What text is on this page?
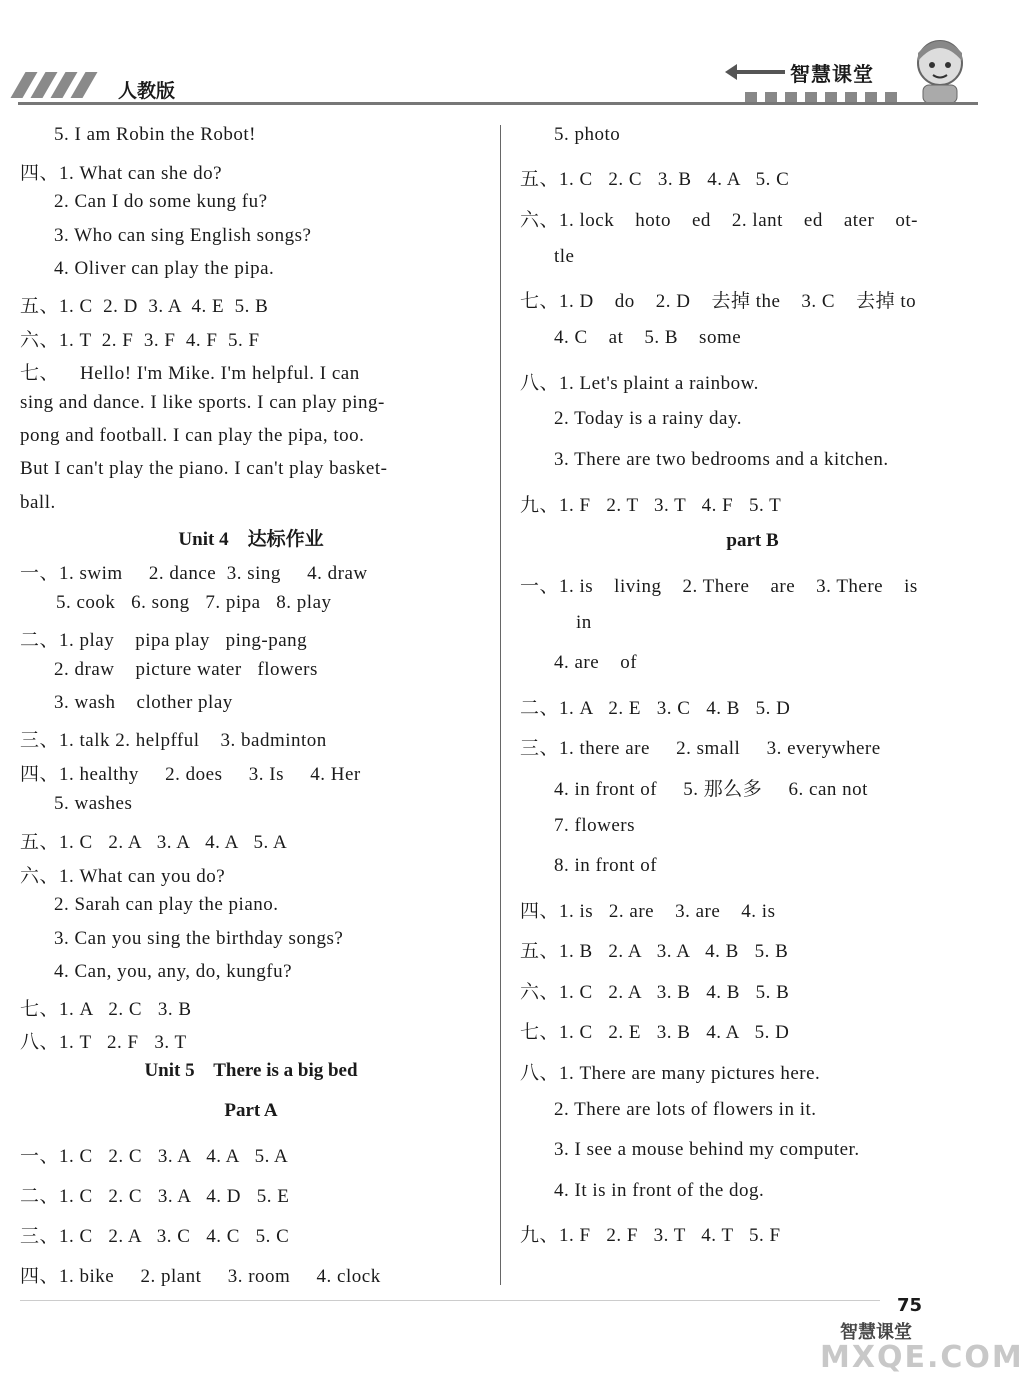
人教版
智慧课堂
5. I am Robin the Robot!
四、1. What can she do?
2. Can I do some kung fu?
3. Who can sing English songs?
4. Oliver can play the pipa.
五、1. C  2. D  3. A  4. E  5. B
六、1. T  2. F  3. F  4. F  5. F
七、    Hello! I'm Mike. I'm helpful. I can
sing and dance. I like sports. I can play ping-
pong and football. I can play the pipa, too.
But I can't play the piano. I can't play basket-
ball.
Unit 4    达标作业
一、1. swim     2. dance  3. sing     4. draw
5. cook   6. song   7. pipa   8. play
二、1. play    pipa play   ping-pang
2. draw    picture water   flowers
3. wash    clother play
三、1. talk 2. helpfful    3. badminton
四、1. healthy     2. does     3. Is     4. Her
5. washes
五、1. C   2. A   3. A   4. A   5. A
六、1. What can you do?
2. Sarah can play the piano.
3. Can you sing the birthday songs?
4. Can, you, any, do, kungfu?
七、1. A   2. C   3. B
八、1. T   2. F   3. T
Unit 5    There is a big bed
Part A
一、1. C   2. C   3. A   4. A   5. A
二、1. C   2. C   3. A   4. D   5. E
三、1. C   2. A   3. C   4. C   5. C
四、1. bike     2. plant     3. room     4. clock
5. photo
五、1. C   2. C   3. B   4. A   5. C
六、1. lock    hoto    ed    2. lant    ed    ater    ot-
tle
七、1. D    do    2. D    去掉 the    3. C    去掉 to
4. C    at    5. B    some
八、1. Let's plaint a rainbow.
2. Today is a rainy day.
3. There are two bedrooms and a kitchen.
九、1. F   2. T   3. T   4. F   5. T
part B
一、1. is    living    2. There    are    3. There    is
in
4. are    of
二、1. A   2. E   3. C   4. B   5. D
三、1. there are     2. small     3. everywhere
4. in front of     5. 那么多     6. can not
7. flowers
8. in front of
四、1. is   2. are    3. are    4. is
五、1. B   2. A   3. A   4. B   5. B
六、1. C   2. A   3. B   4. B   5. B
七、1. C   2. E   3. B   4. A   5. D
八、1. There are many pictures here.
2. There are lots of flowers in it.
3. I see a mouse behind my computer.
4. It is in front of the dog.
九、1. F   2. F   3. T   4. T   5. F
75
智慧课堂
MXQE.COM
